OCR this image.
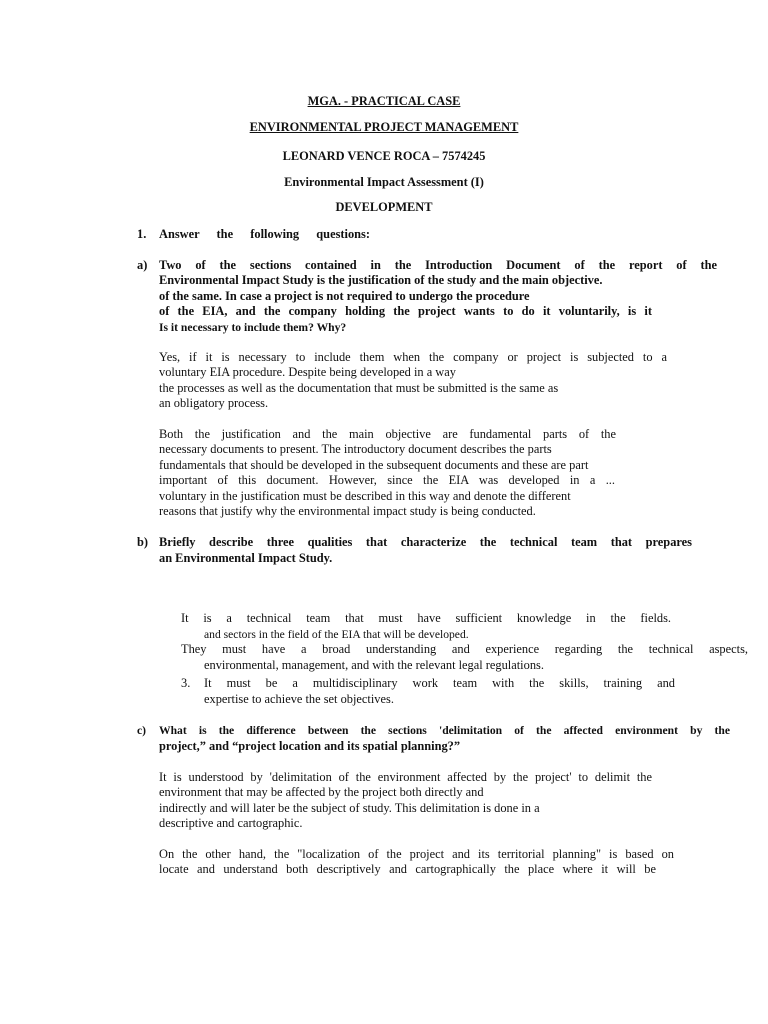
MGA. - PRACTICAL CASE
ENVIRONMENTAL PROJECT MANAGEMENT
LEONARD VENCE ROCA – 7574245
Environmental Impact Assessment (I)
DEVELOPMENT
1. Answer the following questions:
a) Two of the sections contained in the Introduction Document of the report of the
Environmental Impact Study is the justification of the study and the main objective.
of the same. In case a project is not required to undergo the procedure
of the EIA, and the company holding the project wants to do it voluntarily, is it
Is it necessary to include them? Why?
Yes, if it is necessary to include them when the company or project is subjected to a
voluntary EIA procedure. Despite being developed in a way
the processes as well as the documentation that must be submitted is the same as
an obligatory process.
Both the justification and the main objective are fundamental parts of the
necessary documents to present. The introductory document describes the parts
fundamentals that should be developed in the subsequent documents and these are part
important of this document. However, since the EIA was developed in a ...
voluntary in the justification must be described in this way and denote the different
reasons that justify why the environmental impact study is being conducted.
b) Briefly describe three qualities that characterize the technical team that prepares
an Environmental Impact Study.
It is a technical team that must have sufficient knowledge in the fields.
and sectors in the field of the EIA that will be developed.
They must have a broad understanding and experience regarding the technical aspects,
environmental, management, and with the relevant legal regulations.
3. It must be a multidisciplinary work team with the skills, training and
expertise to achieve the set objectives.
c) What is the difference between the sections 'delimitation of the affected environment by the
project,” and “project location and its spatial planning?”
It is understood by 'delimitation of the environment affected by the project' to delimit the
environment that may be affected by the project both directly and
indirectly and will later be the subject of study. This delimitation is done in a
descriptive and cartographic.
On the other hand, the "localization of the project and its territorial planning" is based on
locate and understand both descriptively and cartographically the place where it will be
